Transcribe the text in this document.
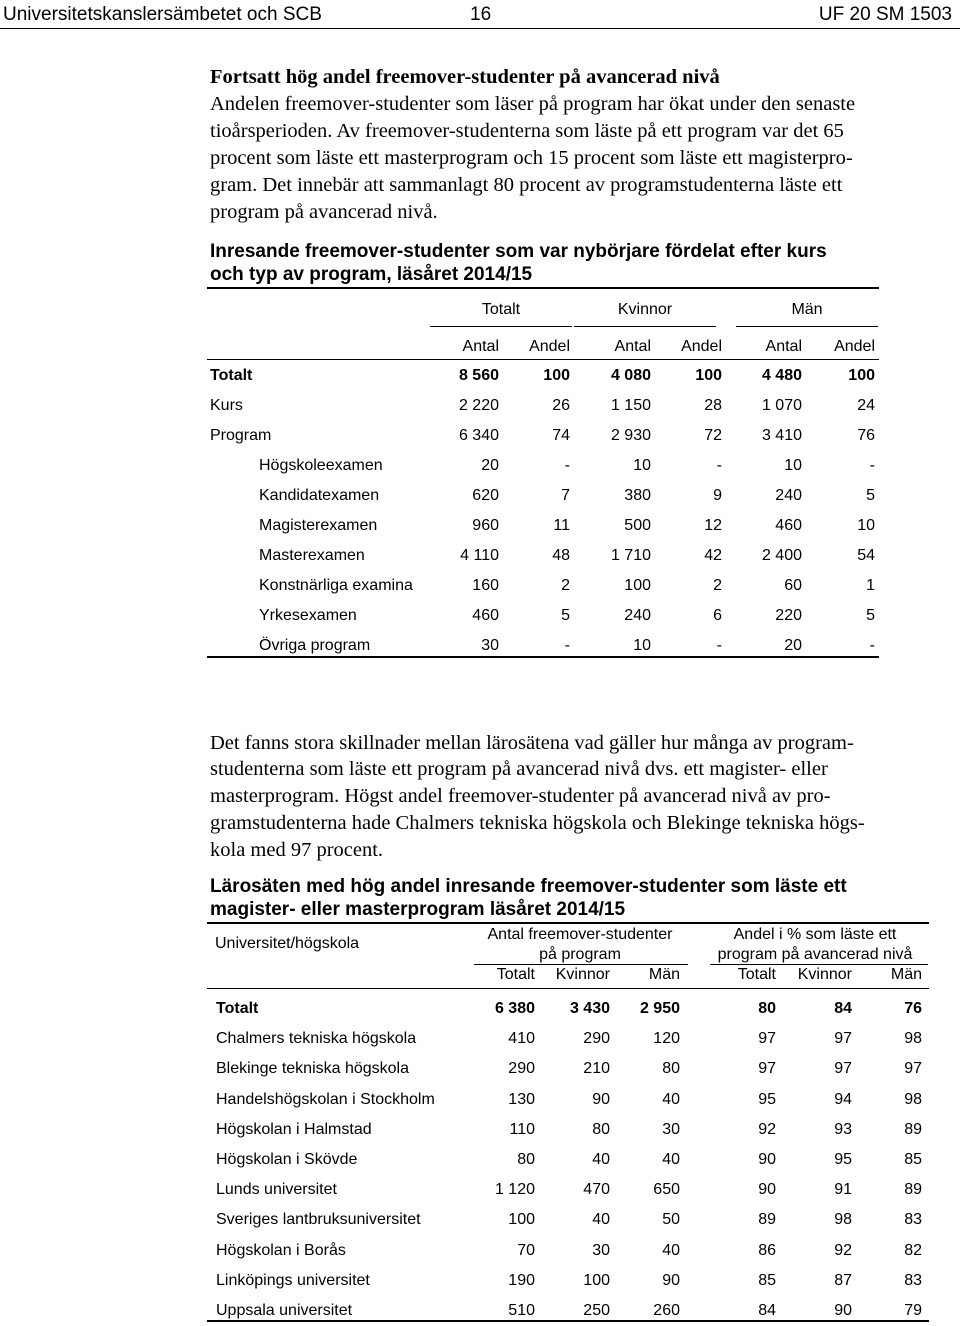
Universitetskanslersämbetet och SCB	16	UF 20 SM 1503
Fortsatt hög andel freemover-studenter på avancerad nivå
Andelen freemover-studenter som läser på program har ökat under den senaste
tioårsperioden. Av freemover-studenterna som läste på ett program var det 65
procent som läste ett masterprogram och 15 procent som läste ett magisterpro-
gram. Det innebär att sammanlagt 80 procent av programstudenterna läste ett
program på avancerad nivå.
Inresande freemover-studenter som var nybörjare fördelat efter kurs
och typ av program, läsåret 2014/15
Totalt	Kvinnor	Män
Antal	Andel	Antal	Andel	Antal	Andel
Totalt	8 560	100	4 080	100	4 480	100
Kurs	2 220	26	1 150	28	1 070	24
Program	6 340	74	2 930	72	3 410	76
Högskoleexamen	20	-	10	-	10	-
Kandidatexamen	620	7	380	9	240	5
Magisterexamen	960	11	500	12	460	10
Masterexamen	4 110	48	1 710	42	2 400	54
Konstnärliga examina	160	2	100	2	60	1
Yrkesexamen	460	5	240	6	220	5
Övriga program	30	-	10	-	20	-
Det fanns stora skillnader mellan lärosätena vad gäller hur många av program-
studenterna som läste ett program på avancerad nivå dvs. ett magister- eller
masterprogram. Högst andel freemover-studenter på avancerad nivå av pro-
gramstudenterna hade Chalmers tekniska högskola och Blekinge tekniska högs-
kola med 97 procent.
Lärosäten med hög andel inresande freemover-studenter som läste ett
magister- eller masterprogram läsåret 2014/15
Universitet/högskola
Antal freemover-studenter
på program
Andel i % som läste ett
program på avancerad nivå
Totalt	Kvinnor	Män	Totalt	Kvinnor	Män
Totalt	6 380	3 430	2 950	80	84	76
Chalmers tekniska högskola	410	290	120	97	97	98
Blekinge tekniska högskola	290	210	80	97	97	97
Handelshögskolan i Stockholm	130	90	40	95	94	98
Högskolan i Halmstad	110	80	30	92	93	89
Högskolan i Skövde	80	40	40	90	95	85
Lunds universitet	1 120	470	650	90	91	89
Sveriges lantbruksuniversitet	100	40	50	89	98	83
Högskolan i Borås	70	30	40	86	92	82
Linköpings universitet	190	100	90	85	87	83
Uppsala universitet	510	250	260	84	90	79
